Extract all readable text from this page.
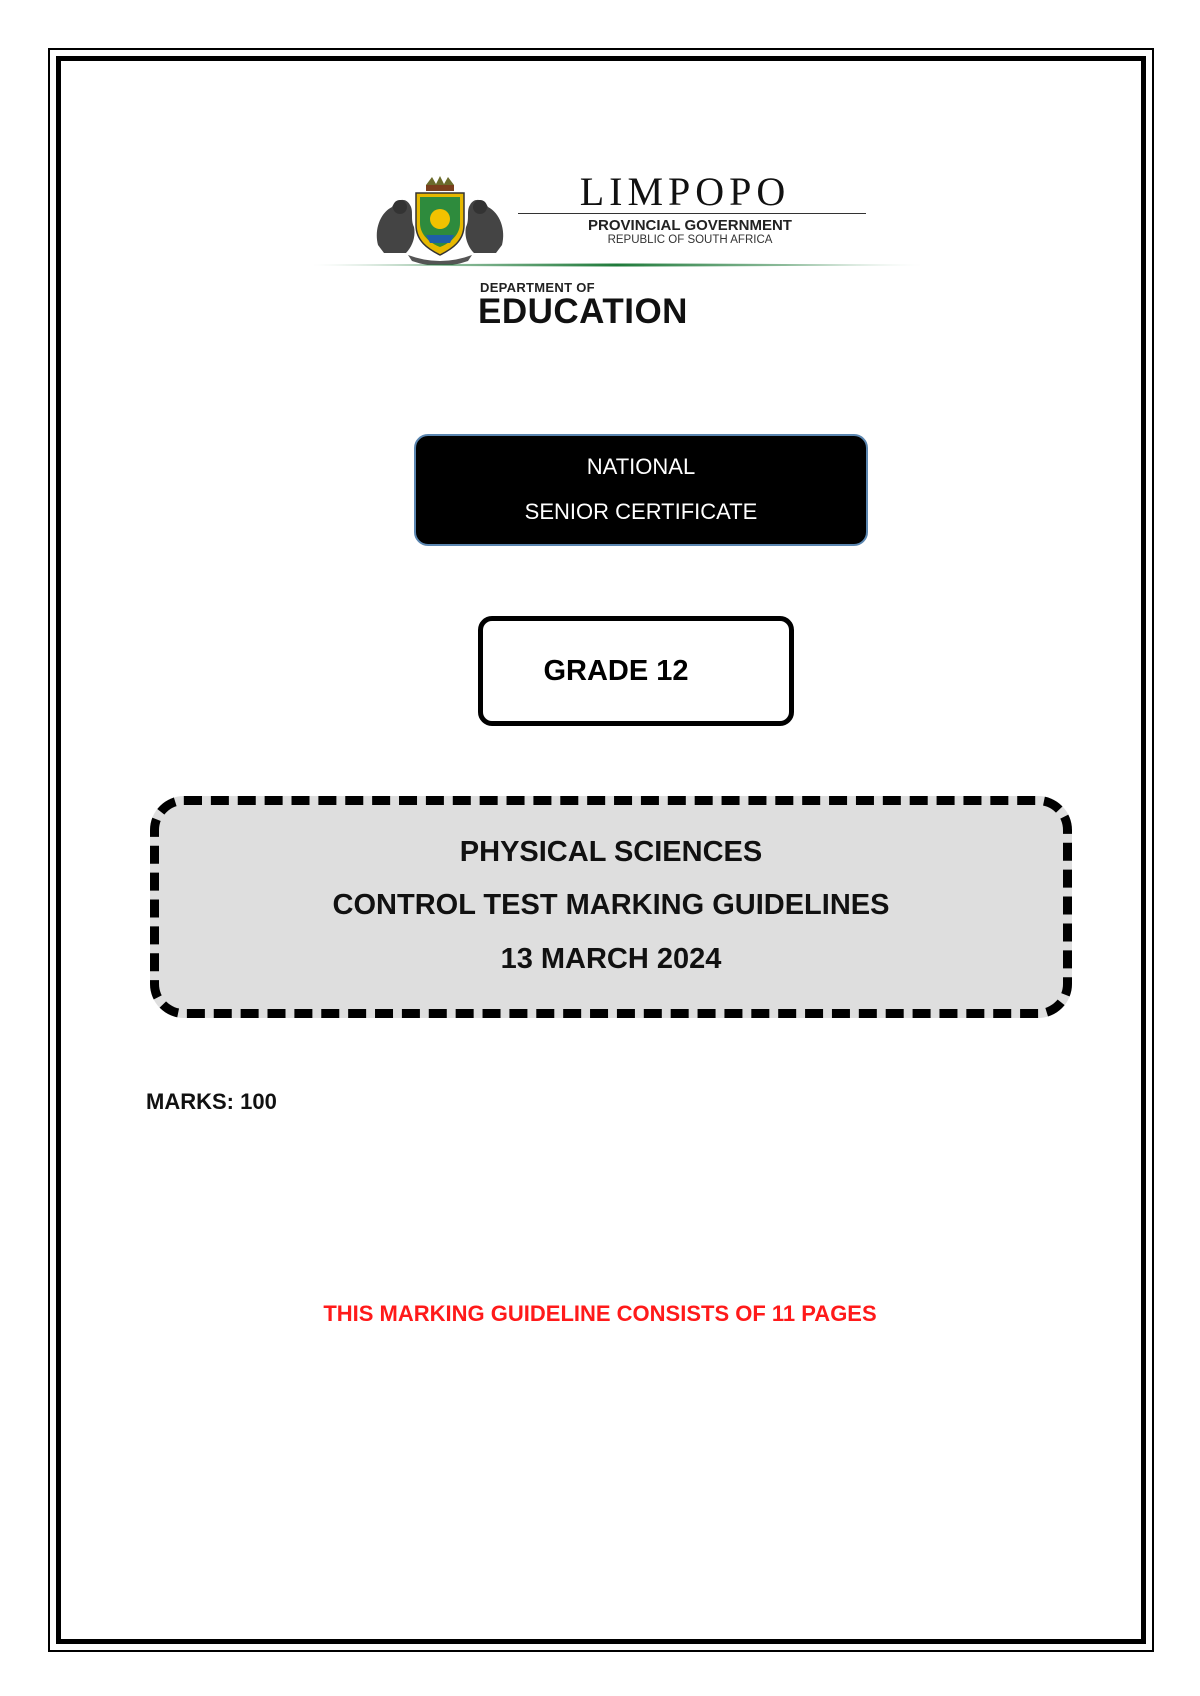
LIMPOPO
PROVINCIAL GOVERNMENT
REPUBLIC OF SOUTH AFRICA
DEPARTMENT OF
EDUCATION
NATIONAL
SENIOR CERTIFICATE
GRADE 12
PHYSICAL SCIENCES
CONTROL TEST MARKING GUIDELINES
13 MARCH 2024
MARKS: 100
THIS MARKING GUIDELINE CONSISTS OF 11 PAGES
